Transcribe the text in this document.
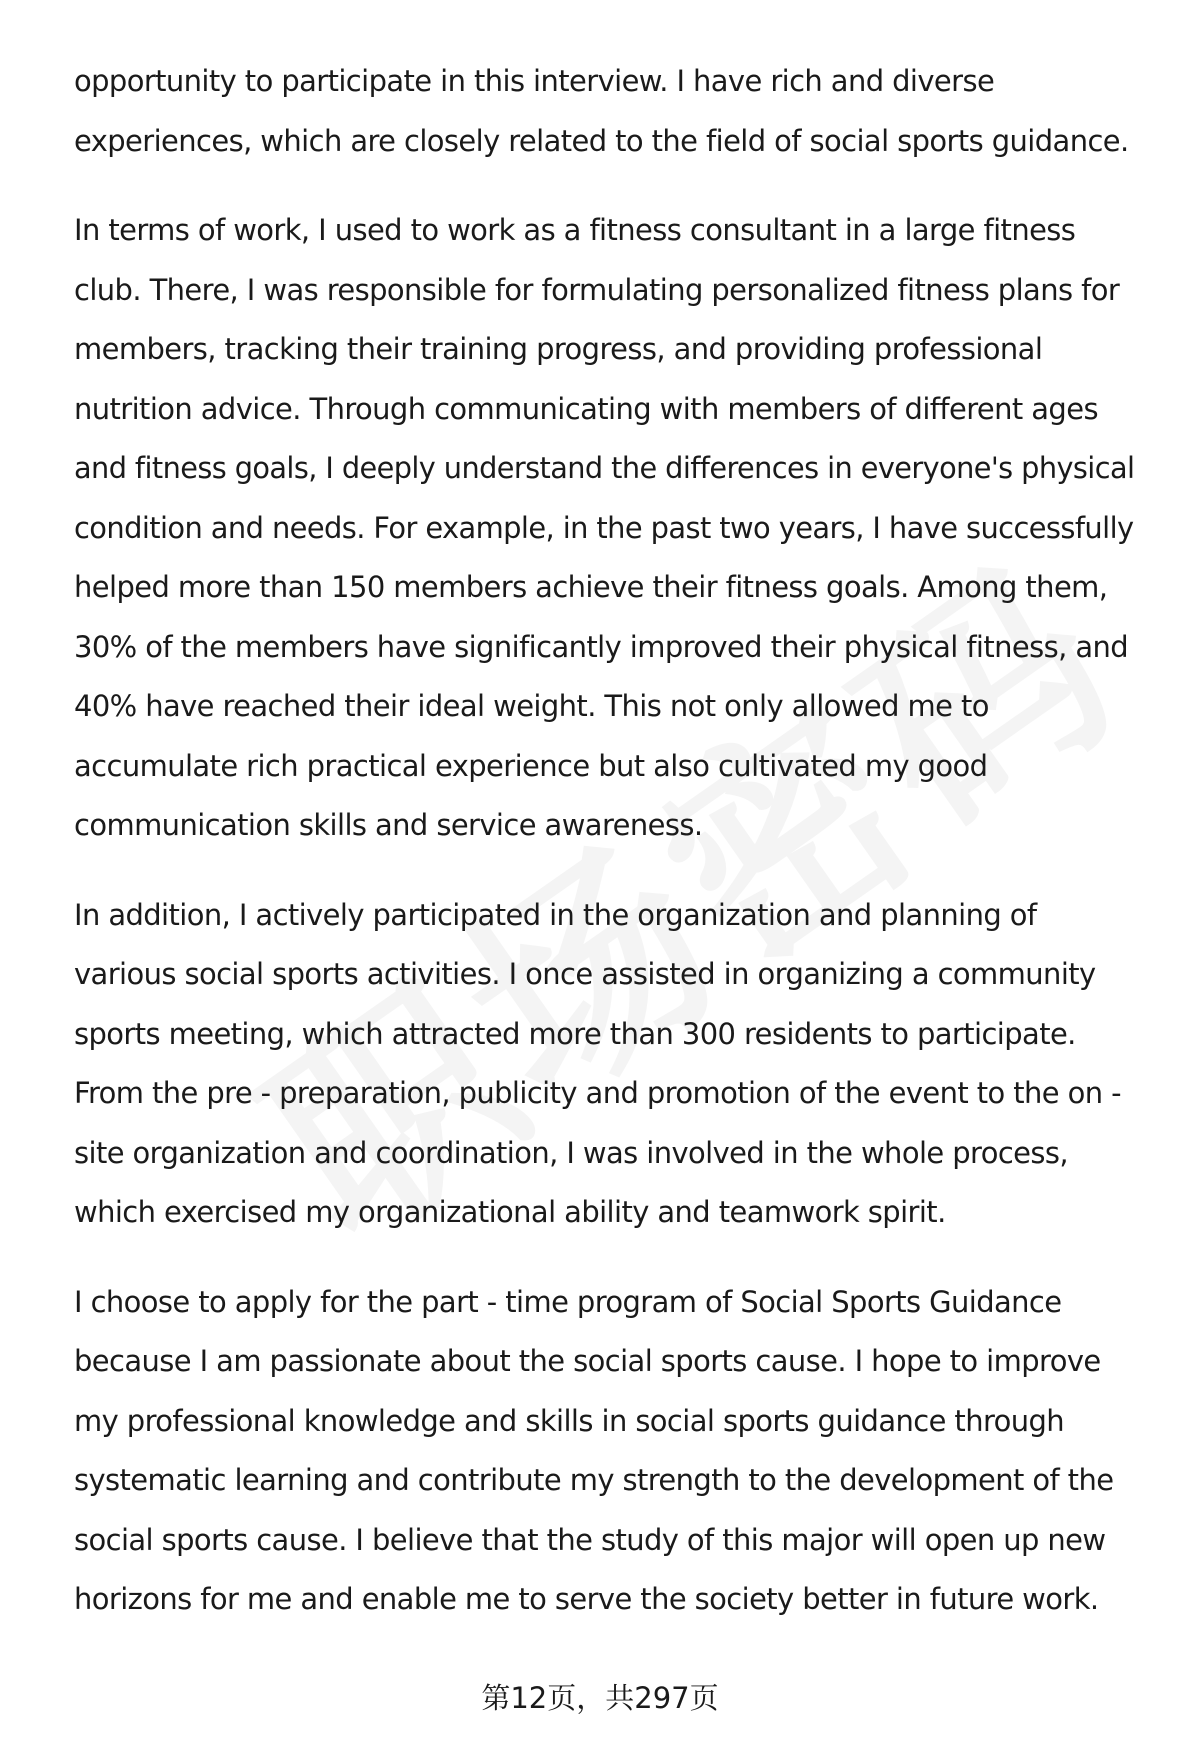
opportunity to participate in this interview. I have rich and diverse
experiences, which are closely related to the field of social sports guidance.

In terms of work, I used to work as a fitness consultant in a large fitness
club. There, I was responsible for formulating personalized fitness plans for
members, tracking their training progress, and providing professional
nutrition advice. Through communicating with members of different ages
and fitness goals, I deeply understand the differences in everyone's physical
condition and needs. For example, in the past two years, I have successfully
helped more than 150 members achieve their fitness goals. Among them,
30% of the members have significantly improved their physical fitness, and
40% have reached their ideal weight. This not only allowed me to
accumulate rich practical experience but also cultivated my good
communication skills and service awareness.

In addition, I actively participated in the organization and planning of
various social sports activities. I once assisted in organizing a community
sports meeting, which attracted more than 300 residents to participate.
From the pre - preparation, publicity and promotion of the event to the on -
site organization and coordination, I was involved in the whole process,
which exercised my organizational ability and teamwork spirit.

I choose to apply for the part - time program of Social Sports Guidance
because I am passionate about the social sports cause. I hope to improve
my professional knowledge and skills in social sports guidance through
systematic learning and contribute my strength to the development of the
social sports cause. I believe that the study of this major will open up new
horizons for me and enable me to serve the society better in future work.

第12页，共297页
